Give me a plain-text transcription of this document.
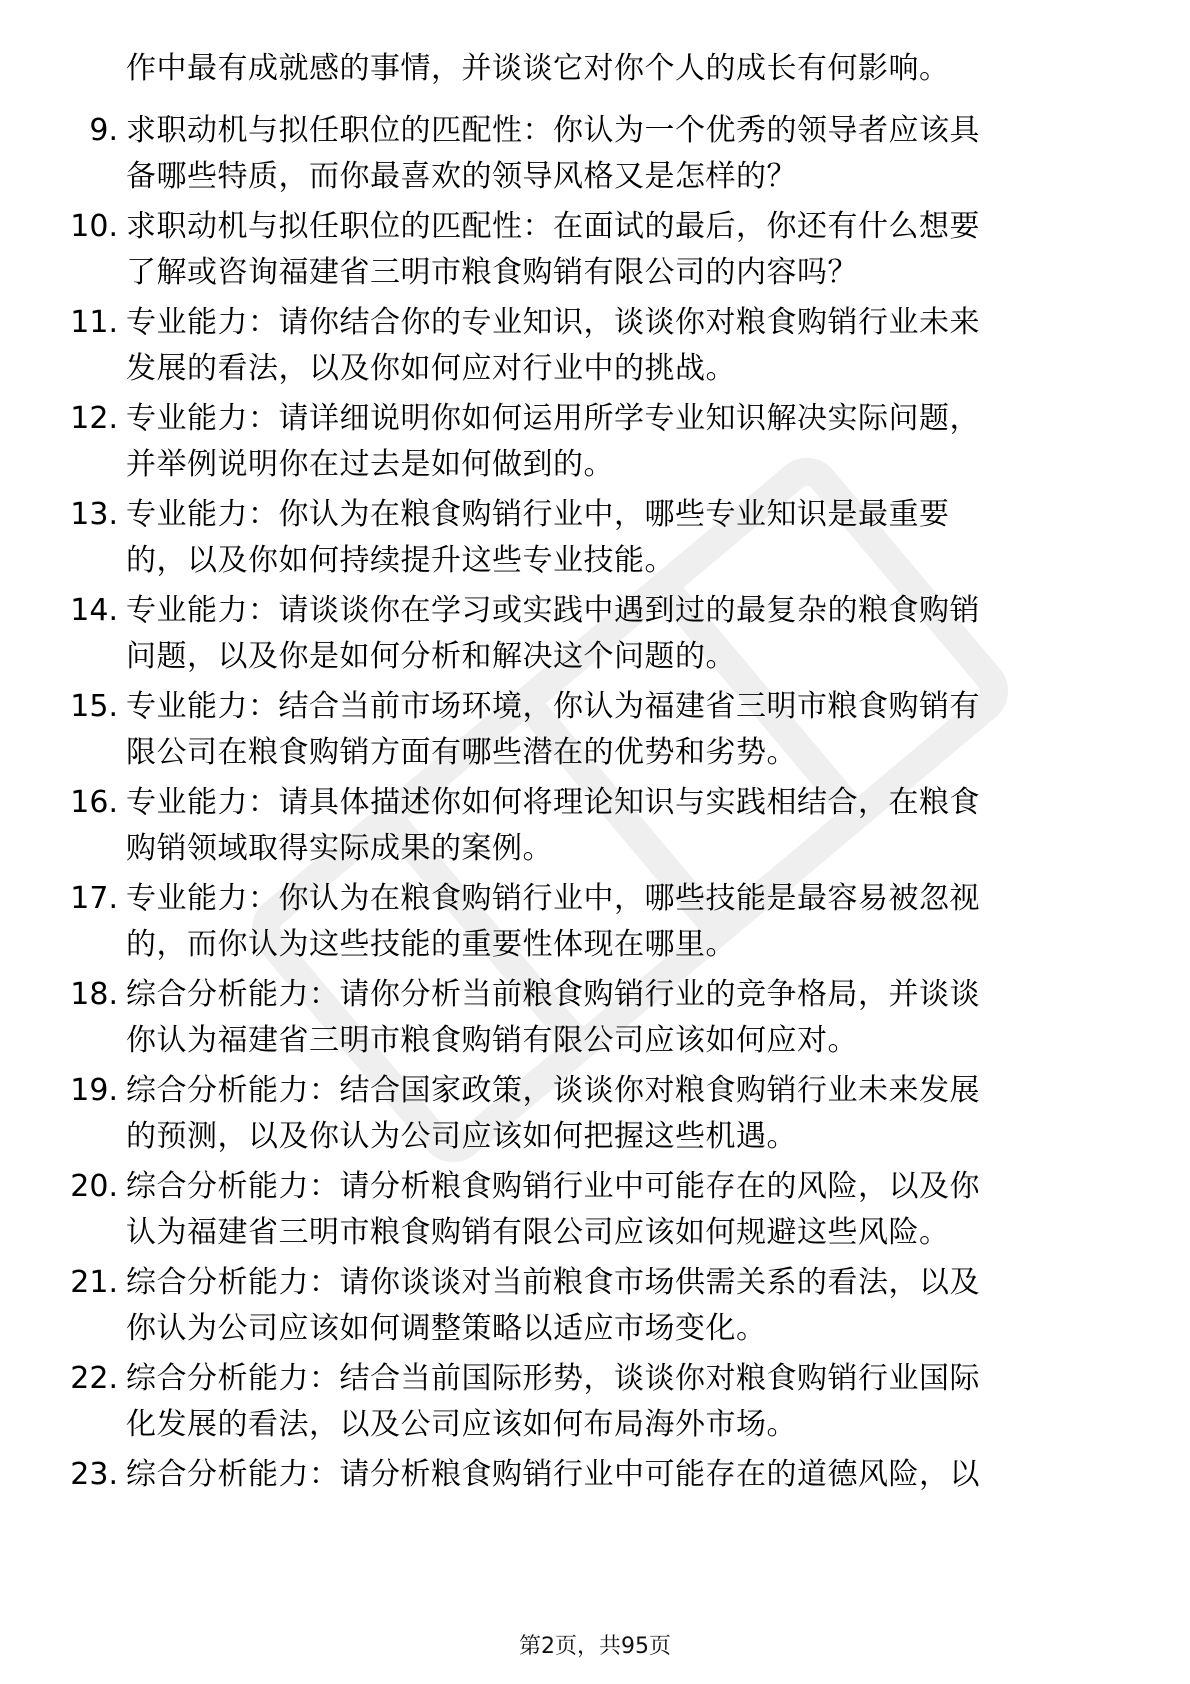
作中最有成就感的事情，并谈谈它对你个人的成长有何影响。
9. 求职动机与拟任职位的匹配性：你认为一个优秀的领导者应该具
备哪些特质，而你最喜欢的领导风格又是怎样的？
10. 求职动机与拟任职位的匹配性：在面试的最后，你还有什么想要
了解或咨询福建省三明市粮食购销有限公司的内容吗？
11. 专业能力：请你结合你的专业知识，谈谈你对粮食购销行业未来
发展的看法，以及你如何应对行业中的挑战。
12. 专业能力：请详细说明你如何运用所学专业知识解决实际问题，
并举例说明你在过去是如何做到的。
13. 专业能力：你认为在粮食购销行业中，哪些专业知识是最重要
的，以及你如何持续提升这些专业技能。
14. 专业能力：请谈谈你在学习或实践中遇到过的最复杂的粮食购销
问题，以及你是如何分析和解决这个问题的。
15. 专业能力：结合当前市场环境，你认为福建省三明市粮食购销有
限公司在粮食购销方面有哪些潜在的优势和劣势。
16. 专业能力：请具体描述你如何将理论知识与实践相结合，在粮食
购销领域取得实际成果的案例。
17. 专业能力：你认为在粮食购销行业中，哪些技能是最容易被忽视
的，而你认为这些技能的重要性体现在哪里。
18. 综合分析能力：请你分析当前粮食购销行业的竞争格局，并谈谈
你认为福建省三明市粮食购销有限公司应该如何应对。
19. 综合分析能力：结合国家政策，谈谈你对粮食购销行业未来发展
的预测，以及你认为公司应该如何把握这些机遇。
20. 综合分析能力：请分析粮食购销行业中可能存在的风险，以及你
认为福建省三明市粮食购销有限公司应该如何规避这些风险。
21. 综合分析能力：请你谈谈对当前粮食市场供需关系的看法，以及
你认为公司应该如何调整策略以适应市场变化。
22. 综合分析能力：结合当前国际形势，谈谈你对粮食购销行业国际
化发展的看法，以及公司应该如何布局海外市场。
23. 综合分析能力：请分析粮食购销行业中可能存在的道德风险，以
第2页，共95页
